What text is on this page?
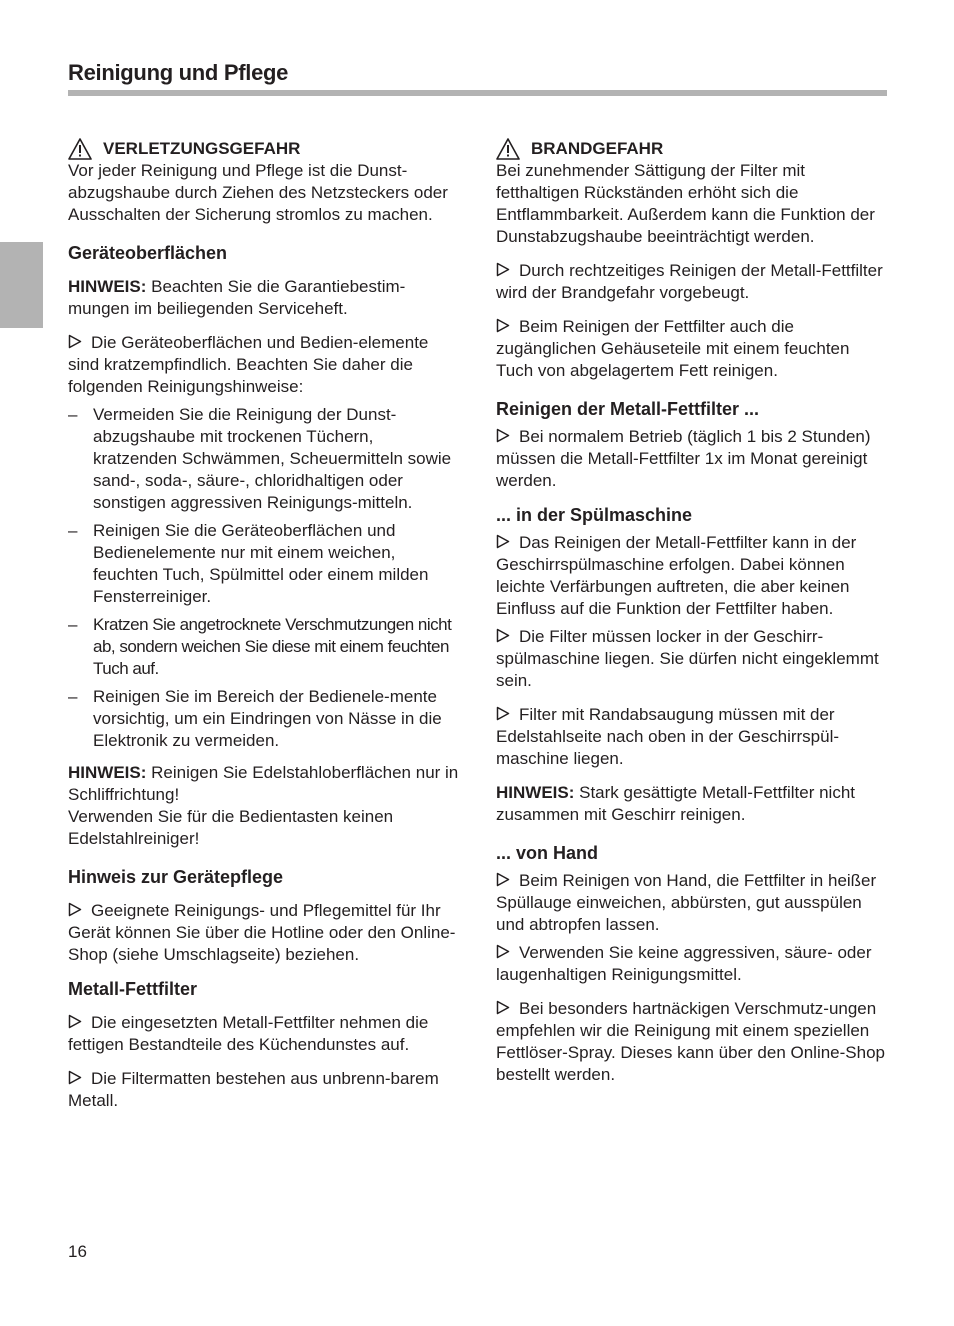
Reinigung und Pflege
VERLETZUNGSGEFAHR

Vor jeder Reinigung und Pflege ist die Dunst-abzugshaube durch Ziehen des Netzsteckers oder Ausschalten der Sicherung stromlos zu machen.

Geräteoberflächen

HINWEIS: Beachten Sie die Garantiebestim-mungen im beiliegenden Serviceheft.

Die Geräteoberflächen und Bedien-elemente sind kratzempfindlich. Beachten Sie daher die folgenden Reinigungshinweise:

– Vermeiden Sie die Reinigung der Dunst-abzugshaube mit trockenen Tüchern, kratzenden Schwämmen, Scheuermitteln sowie sand-, soda-, säure-, chloridhaltigen oder sonstigen aggressiven Reinigungs-mitteln.
– Reinigen Sie die Geräteoberflächen und Bedienelemente nur mit einem weichen, feuchten Tuch, Spülmittel oder einem milden Fensterreiniger.
– Kratzen Sie angetrocknete Verschmutzungen nicht ab, sondern weichen Sie diese mit einem feuchten Tuch auf.
– Reinigen Sie im Bereich der Bedienele-mente vorsichtig, um ein Eindringen von Nässe in die Elektronik zu vermeiden.

HINWEIS: Reinigen Sie Edelstahloberflächen nur in Schliffrichtung!

Verwenden Sie für die Bedientasten keinen Edelstahlreiniger!

Hinweis zur Gerätepflege

Geeignete Reinigungs- und Pflegemittel für Ihr Gerät können Sie über die Hotline oder den Online-Shop (siehe Umschlagseite) beziehen.

Metall-Fettfilter

Die eingesetzten Metall-Fettfilter nehmen die fettigen Bestandteile des Küchendunstes auf.

Die Filtermatten bestehen aus unbrenn-barem Metall.

BRANDGEFAHR

Bei zunehmender Sättigung der Filter mit fetthaltigen Rückständen erhöht sich die Entflammbarkeit. Außerdem kann die Funktion der Dunstabzugshaube beeinträchtigt werden.

Durch rechtzeitiges Reinigen der Metall-Fettfilter wird der Brandgefahr vorgebeugt.

Beim Reinigen der Fettfilter auch die zugänglichen Gehäuseteile mit einem feuchten Tuch von abgelagertem Fett reinigen.

Reinigen der Metall-Fettfilter ...

Bei normalem Betrieb (täglich 1 bis 2 Stunden) müssen die Metall-Fettfilter 1x im Monat gereinigt werden.

... in der Spülmaschine

Das Reinigen der Metall-Fettfilter kann in der Geschirrspülmaschine erfolgen. Dabei können leichte Verfärbungen auftreten, die aber keinen Einfluss auf die Funktion der Fettfilter haben.

Die Filter müssen locker in der Geschirr-spülmaschine liegen. Sie dürfen nicht eingeklemmt sein.

Filter mit Randabsaugung müssen mit der Edelstahlseite nach oben in der Geschirrspül-maschine liegen.

HINWEIS: Stark gesättigte Metall-Fettfilter nicht zusammen mit Geschirr reinigen.

... von Hand

Beim Reinigen von Hand, die Fettfilter in heißer Spüllauge einweichen, abbürsten, gut ausspülen und abtropfen lassen.

Verwenden Sie keine aggressiven, säure- oder laugenhaltigen Reinigungsmittel.

Bei besonders hartnäckigen Verschmutz-ungen empfehlen wir die Reinigung mit einem speziellen Fettlöser-Spray. Dieses kann über den Online-Shop bestellt werden.

16
